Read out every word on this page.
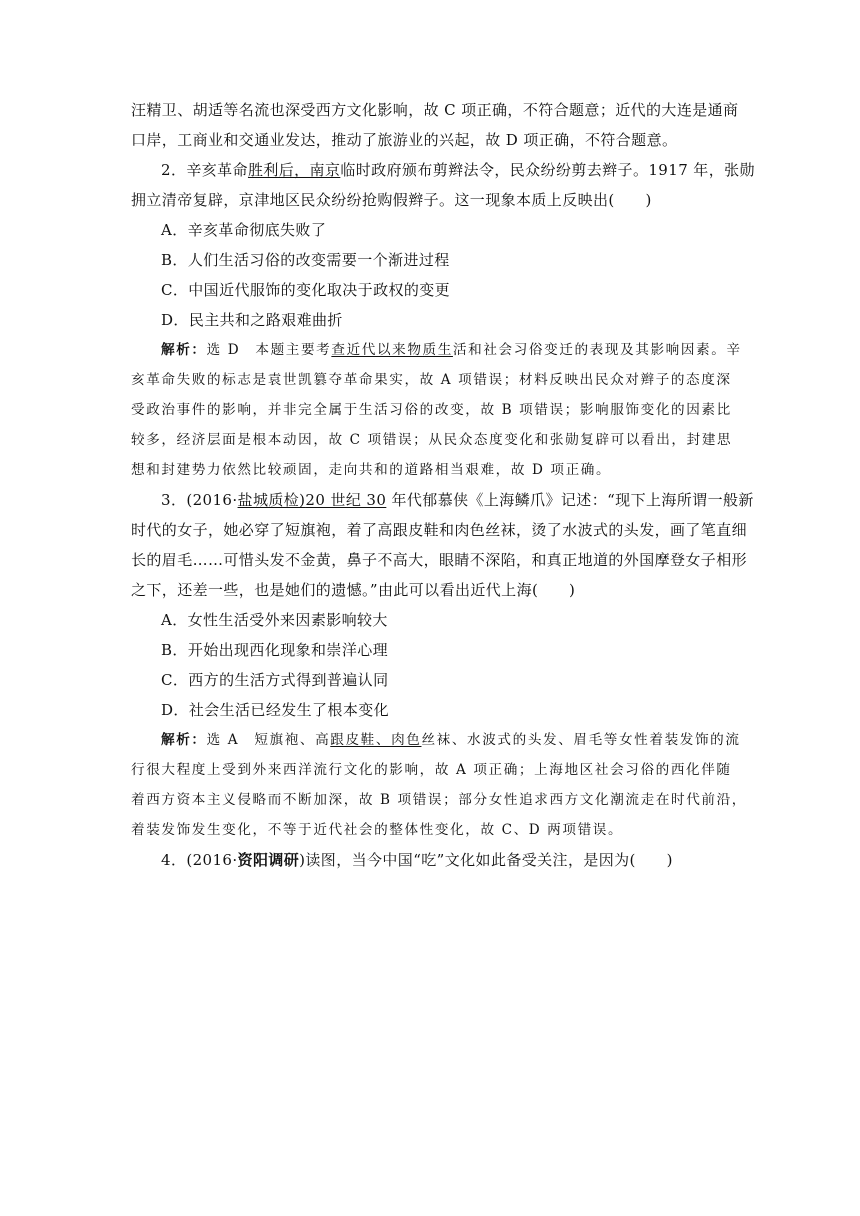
汪精卫、胡适等名流也深受西方文化影响，故 C 项正确，不符合题意；近代的大连是通商
口岸，工商业和交通业发达，推动了旅游业的兴起，故 D 项正确，不符合题意。
2．辛亥革命胜利后，南京临时政府颁布剪辫法令，民众纷纷剪去辫子。1917 年，张勋
拥立清帝复辟，京津地区民众纷纷抢购假辫子。这一现象本质上反映出(　　)
A．辛亥革命彻底失败了
B．人们生活习俗的改变需要一个渐进过程
C．中国近代服饰的变化取决于政权的变更
D．民主共和之路艰难曲折
解析：选 D　本题主要考查近代以来物质生活和社会习俗变迁的表现及其影响因素。辛
亥革命失败的标志是袁世凯篡夺革命果实，故 A 项错误；材料反映出民众对辫子的态度深
受政治事件的影响，并非完全属于生活习俗的改变，故 B 项错误；影响服饰变化的因素比
较多，经济层面是根本动因，故 C 项错误；从民众态度变化和张勋复辟可以看出，封建思
想和封建势力依然比较顽固，走向共和的道路相当艰难，故 D 项正确。
3．(2016·盐城质检)20 世纪 30 年代郁慕侠《上海鳞爪》记述：“现下上海所谓一般新
时代的女子，她必穿了短旗袍，着了高跟皮鞋和肉色丝袜，烫了水波式的头发，画了笔直细
长的眉毛……可惜头发不金黄，鼻子不高大，眼睛不深陷，和真正地道的外国摩登女子相形
之下，还差一些，也是她们的遗憾。”由此可以看出近代上海(　　)
A．女性生活受外来因素影响较大
B．开始出现西化现象和崇洋心理
C．西方的生活方式得到普遍认同
D．社会生活已经发生了根本变化
解析：选 A　短旗袍、高跟皮鞋、肉色丝袜、水波式的头发、眉毛等女性着装发饰的流
行很大程度上受到外来西洋流行文化的影响，故 A 项正确；上海地区社会习俗的西化伴随
着西方资本主义侵略而不断加深，故 B 项错误；部分女性追求西方文化潮流走在时代前沿，
着装发饰发生变化，不等于近代社会的整体性变化，故 C、D 两项错误。
4．(2016·资阳调研)读图，当今中国“吃”文化如此备受关注，是因为(　　)
